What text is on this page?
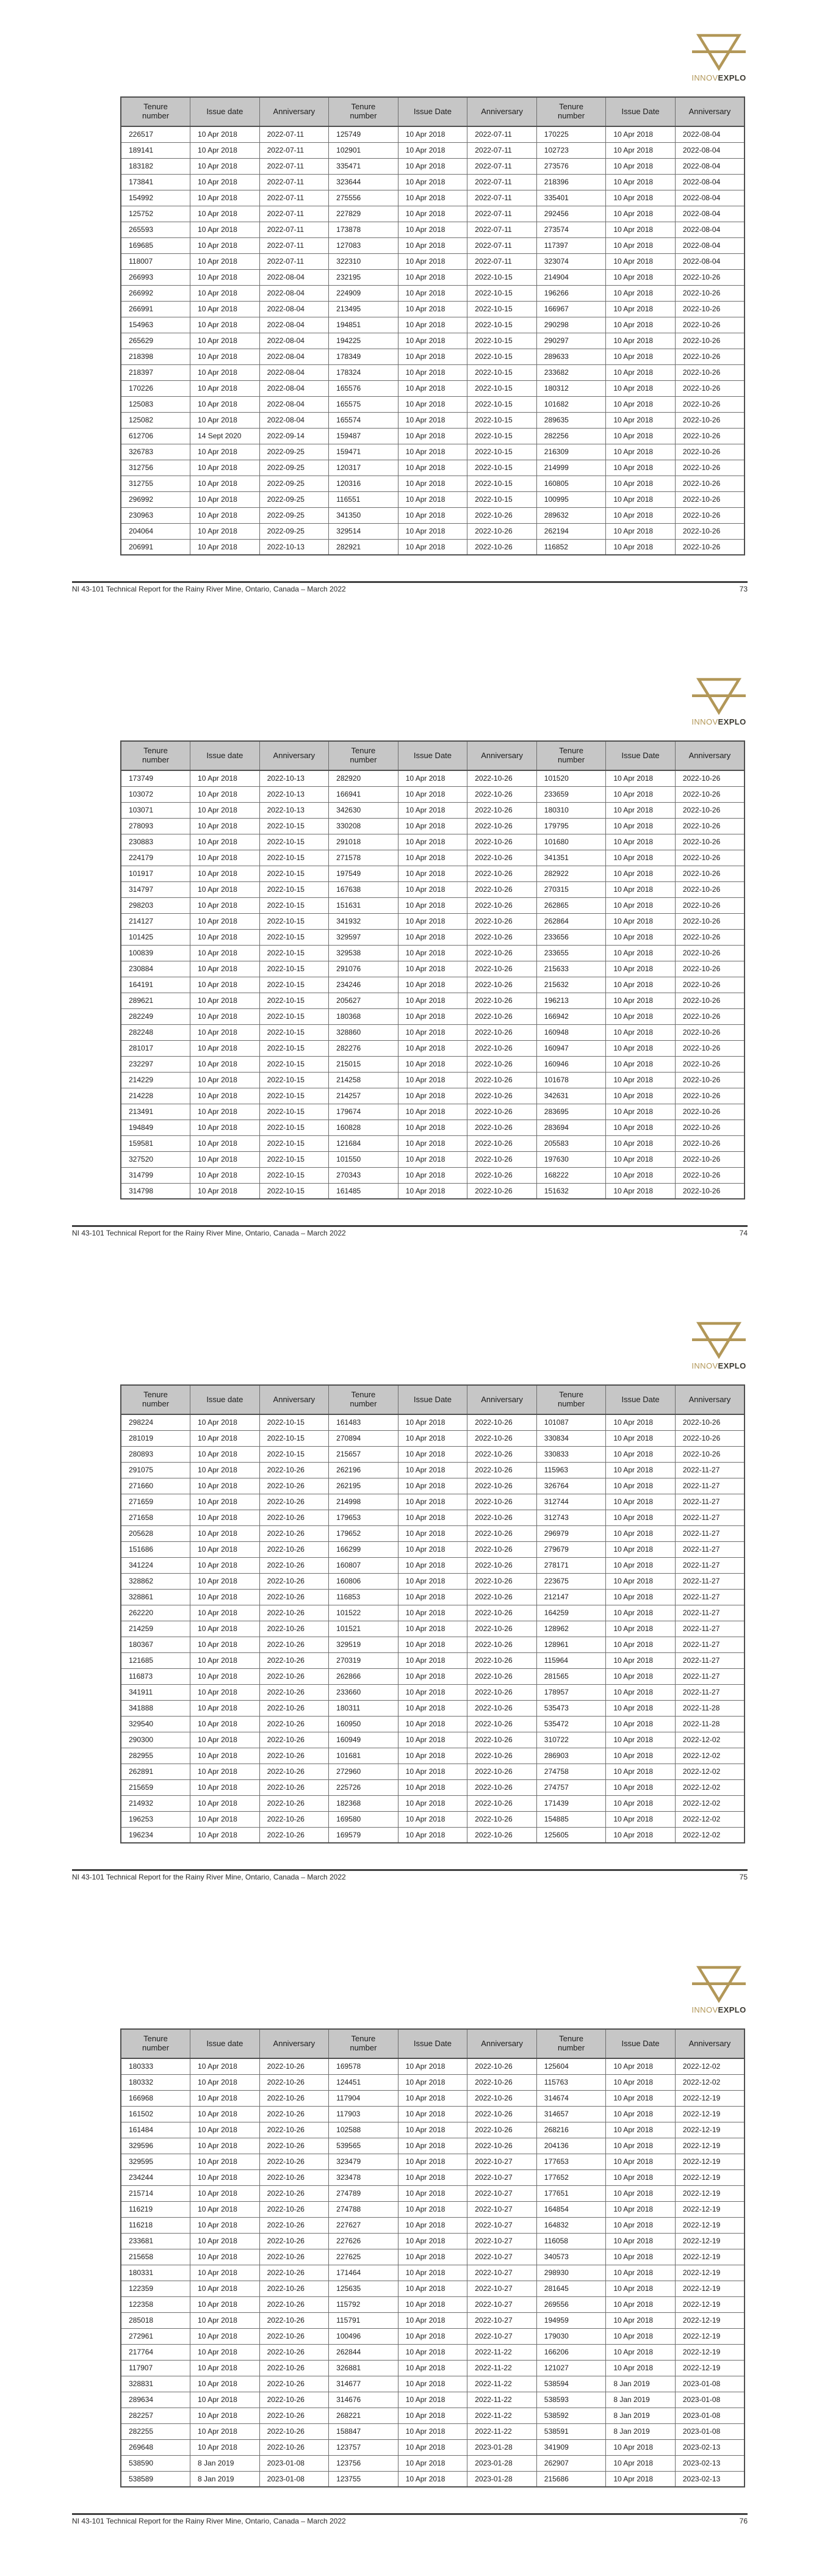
INNOVEXPLO
Tenure number	Issue date	Anniversary	Tenure number	Issue Date	Anniversary	Tenure number	Issue Date	Anniversary
226517	10 Apr 2018	2022-07-11	125749	10 Apr 2018	2022-07-11	170225	10 Apr 2018	2022-08-04
189141	10 Apr 2018	2022-07-11	102901	10 Apr 2018	2022-07-11	102723	10 Apr 2018	2022-08-04
183182	10 Apr 2018	2022-07-11	335471	10 Apr 2018	2022-07-11	273576	10 Apr 2018	2022-08-04
173841	10 Apr 2018	2022-07-11	323644	10 Apr 2018	2022-07-11	218396	10 Apr 2018	2022-08-04
154992	10 Apr 2018	2022-07-11	275556	10 Apr 2018	2022-07-11	335401	10 Apr 2018	2022-08-04
125752	10 Apr 2018	2022-07-11	227829	10 Apr 2018	2022-07-11	292456	10 Apr 2018	2022-08-04
265593	10 Apr 2018	2022-07-11	173878	10 Apr 2018	2022-07-11	273574	10 Apr 2018	2022-08-04
169685	10 Apr 2018	2022-07-11	127083	10 Apr 2018	2022-07-11	117397	10 Apr 2018	2022-08-04
118007	10 Apr 2018	2022-07-11	322310	10 Apr 2018	2022-07-11	323074	10 Apr 2018	2022-08-04
266993	10 Apr 2018	2022-08-04	232195	10 Apr 2018	2022-10-15	214904	10 Apr 2018	2022-10-26
266992	10 Apr 2018	2022-08-04	224909	10 Apr 2018	2022-10-15	196266	10 Apr 2018	2022-10-26
266991	10 Apr 2018	2022-08-04	213495	10 Apr 2018	2022-10-15	166967	10 Apr 2018	2022-10-26
154963	10 Apr 2018	2022-08-04	194851	10 Apr 2018	2022-10-15	290298	10 Apr 2018	2022-10-26
265629	10 Apr 2018	2022-08-04	194225	10 Apr 2018	2022-10-15	290297	10 Apr 2018	2022-10-26
218398	10 Apr 2018	2022-08-04	178349	10 Apr 2018	2022-10-15	289633	10 Apr 2018	2022-10-26
218397	10 Apr 2018	2022-08-04	178324	10 Apr 2018	2022-10-15	233682	10 Apr 2018	2022-10-26
170226	10 Apr 2018	2022-08-04	165576	10 Apr 2018	2022-10-15	180312	10 Apr 2018	2022-10-26
125083	10 Apr 2018	2022-08-04	165575	10 Apr 2018	2022-10-15	101682	10 Apr 2018	2022-10-26
125082	10 Apr 2018	2022-08-04	165574	10 Apr 2018	2022-10-15	289635	10 Apr 2018	2022-10-26
612706	14 Sept 2020	2022-09-14	159487	10 Apr 2018	2022-10-15	282256	10 Apr 2018	2022-10-26
326783	10 Apr 2018	2022-09-25	159471	10 Apr 2018	2022-10-15	216309	10 Apr 2018	2022-10-26
312756	10 Apr 2018	2022-09-25	120317	10 Apr 2018	2022-10-15	214999	10 Apr 2018	2022-10-26
312755	10 Apr 2018	2022-09-25	120316	10 Apr 2018	2022-10-15	160805	10 Apr 2018	2022-10-26
296992	10 Apr 2018	2022-09-25	116551	10 Apr 2018	2022-10-15	100995	10 Apr 2018	2022-10-26
230963	10 Apr 2018	2022-09-25	341350	10 Apr 2018	2022-10-26	289632	10 Apr 2018	2022-10-26
204064	10 Apr 2018	2022-09-25	329514	10 Apr 2018	2022-10-26	262194	10 Apr 2018	2022-10-26
206991	10 Apr 2018	2022-10-13	282921	10 Apr 2018	2022-10-26	116852	10 Apr 2018	2022-10-26
NI 43-101 Technical Report for the Rainy River Mine, Ontario, Canada – March 2022	73
INNOVEXPLO
Tenure number	Issue date	Anniversary	Tenure number	Issue Date	Anniversary	Tenure number	Issue Date	Anniversary
173749	10 Apr 2018	2022-10-13	282920	10 Apr 2018	2022-10-26	101520	10 Apr 2018	2022-10-26
103072	10 Apr 2018	2022-10-13	166941	10 Apr 2018	2022-10-26	233659	10 Apr 2018	2022-10-26
103071	10 Apr 2018	2022-10-13	342630	10 Apr 2018	2022-10-26	180310	10 Apr 2018	2022-10-26
278093	10 Apr 2018	2022-10-15	330208	10 Apr 2018	2022-10-26	179795	10 Apr 2018	2022-10-26
230883	10 Apr 2018	2022-10-15	291018	10 Apr 2018	2022-10-26	101680	10 Apr 2018	2022-10-26
224179	10 Apr 2018	2022-10-15	271578	10 Apr 2018	2022-10-26	341351	10 Apr 2018	2022-10-26
101917	10 Apr 2018	2022-10-15	197549	10 Apr 2018	2022-10-26	282922	10 Apr 2018	2022-10-26
314797	10 Apr 2018	2022-10-15	167638	10 Apr 2018	2022-10-26	270315	10 Apr 2018	2022-10-26
298203	10 Apr 2018	2022-10-15	151631	10 Apr 2018	2022-10-26	262865	10 Apr 2018	2022-10-26
214127	10 Apr 2018	2022-10-15	341932	10 Apr 2018	2022-10-26	262864	10 Apr 2018	2022-10-26
101425	10 Apr 2018	2022-10-15	329597	10 Apr 2018	2022-10-26	233656	10 Apr 2018	2022-10-26
100839	10 Apr 2018	2022-10-15	329538	10 Apr 2018	2022-10-26	233655	10 Apr 2018	2022-10-26
230884	10 Apr 2018	2022-10-15	291076	10 Apr 2018	2022-10-26	215633	10 Apr 2018	2022-10-26
164191	10 Apr 2018	2022-10-15	234246	10 Apr 2018	2022-10-26	215632	10 Apr 2018	2022-10-26
289621	10 Apr 2018	2022-10-15	205627	10 Apr 2018	2022-10-26	196213	10 Apr 2018	2022-10-26
282249	10 Apr 2018	2022-10-15	180368	10 Apr 2018	2022-10-26	166942	10 Apr 2018	2022-10-26
282248	10 Apr 2018	2022-10-15	328860	10 Apr 2018	2022-10-26	160948	10 Apr 2018	2022-10-26
281017	10 Apr 2018	2022-10-15	282276	10 Apr 2018	2022-10-26	160947	10 Apr 2018	2022-10-26
232297	10 Apr 2018	2022-10-15	215015	10 Apr 2018	2022-10-26	160946	10 Apr 2018	2022-10-26
214229	10 Apr 2018	2022-10-15	214258	10 Apr 2018	2022-10-26	101678	10 Apr 2018	2022-10-26
214228	10 Apr 2018	2022-10-15	214257	10 Apr 2018	2022-10-26	342631	10 Apr 2018	2022-10-26
213491	10 Apr 2018	2022-10-15	179674	10 Apr 2018	2022-10-26	283695	10 Apr 2018	2022-10-26
194849	10 Apr 2018	2022-10-15	160828	10 Apr 2018	2022-10-26	283694	10 Apr 2018	2022-10-26
159581	10 Apr 2018	2022-10-15	121684	10 Apr 2018	2022-10-26	205583	10 Apr 2018	2022-10-26
327520	10 Apr 2018	2022-10-15	101550	10 Apr 2018	2022-10-26	197630	10 Apr 2018	2022-10-26
314799	10 Apr 2018	2022-10-15	270343	10 Apr 2018	2022-10-26	168222	10 Apr 2018	2022-10-26
314798	10 Apr 2018	2022-10-15	161485	10 Apr 2018	2022-10-26	151632	10 Apr 2018	2022-10-26
NI 43-101 Technical Report for the Rainy River Mine, Ontario, Canada – March 2022	74
INNOVEXPLO
Tenure number	Issue date	Anniversary	Tenure number	Issue Date	Anniversary	Tenure number	Issue Date	Anniversary
298224	10 Apr 2018	2022-10-15	161483	10 Apr 2018	2022-10-26	101087	10 Apr 2018	2022-10-26
281019	10 Apr 2018	2022-10-15	270894	10 Apr 2018	2022-10-26	330834	10 Apr 2018	2022-10-26
280893	10 Apr 2018	2022-10-15	215657	10 Apr 2018	2022-10-26	330833	10 Apr 2018	2022-10-26
291075	10 Apr 2018	2022-10-26	262196	10 Apr 2018	2022-10-26	115963	10 Apr 2018	2022-11-27
271660	10 Apr 2018	2022-10-26	262195	10 Apr 2018	2022-10-26	326764	10 Apr 2018	2022-11-27
271659	10 Apr 2018	2022-10-26	214998	10 Apr 2018	2022-10-26	312744	10 Apr 2018	2022-11-27
271658	10 Apr 2018	2022-10-26	179653	10 Apr 2018	2022-10-26	312743	10 Apr 2018	2022-11-27
205628	10 Apr 2018	2022-10-26	179652	10 Apr 2018	2022-10-26	296979	10 Apr 2018	2022-11-27
151686	10 Apr 2018	2022-10-26	166299	10 Apr 2018	2022-10-26	279679	10 Apr 2018	2022-11-27
341224	10 Apr 2018	2022-10-26	160807	10 Apr 2018	2022-10-26	278171	10 Apr 2018	2022-11-27
328862	10 Apr 2018	2022-10-26	160806	10 Apr 2018	2022-10-26	223675	10 Apr 2018	2022-11-27
328861	10 Apr 2018	2022-10-26	116853	10 Apr 2018	2022-10-26	212147	10 Apr 2018	2022-11-27
262220	10 Apr 2018	2022-10-26	101522	10 Apr 2018	2022-10-26	164259	10 Apr 2018	2022-11-27
214259	10 Apr 2018	2022-10-26	101521	10 Apr 2018	2022-10-26	128962	10 Apr 2018	2022-11-27
180367	10 Apr 2018	2022-10-26	329519	10 Apr 2018	2022-10-26	128961	10 Apr 2018	2022-11-27
121685	10 Apr 2018	2022-10-26	270319	10 Apr 2018	2022-10-26	115964	10 Apr 2018	2022-11-27
116873	10 Apr 2018	2022-10-26	262866	10 Apr 2018	2022-10-26	281565	10 Apr 2018	2022-11-27
341911	10 Apr 2018	2022-10-26	233660	10 Apr 2018	2022-10-26	178957	10 Apr 2018	2022-11-27
341888	10 Apr 2018	2022-10-26	180311	10 Apr 2018	2022-10-26	535473	10 Apr 2018	2022-11-28
329540	10 Apr 2018	2022-10-26	160950	10 Apr 2018	2022-10-26	535472	10 Apr 2018	2022-11-28
290300	10 Apr 2018	2022-10-26	160949	10 Apr 2018	2022-10-26	310722	10 Apr 2018	2022-12-02
282955	10 Apr 2018	2022-10-26	101681	10 Apr 2018	2022-10-26	286903	10 Apr 2018	2022-12-02
262891	10 Apr 2018	2022-10-26	272960	10 Apr 2018	2022-10-26	274758	10 Apr 2018	2022-12-02
215659	10 Apr 2018	2022-10-26	225726	10 Apr 2018	2022-10-26	274757	10 Apr 2018	2022-12-02
214932	10 Apr 2018	2022-10-26	182368	10 Apr 2018	2022-10-26	171439	10 Apr 2018	2022-12-02
196253	10 Apr 2018	2022-10-26	169580	10 Apr 2018	2022-10-26	154885	10 Apr 2018	2022-12-02
196234	10 Apr 2018	2022-10-26	169579	10 Apr 2018	2022-10-26	125605	10 Apr 2018	2022-12-02
NI 43-101 Technical Report for the Rainy River Mine, Ontario, Canada – March 2022	75
INNOVEXPLO
Tenure number	Issue date	Anniversary	Tenure number	Issue Date	Anniversary	Tenure number	Issue Date	Anniversary
180333	10 Apr 2018	2022-10-26	169578	10 Apr 2018	2022-10-26	125604	10 Apr 2018	2022-12-02
180332	10 Apr 2018	2022-10-26	124451	10 Apr 2018	2022-10-26	115763	10 Apr 2018	2022-12-02
166968	10 Apr 2018	2022-10-26	117904	10 Apr 2018	2022-10-26	314674	10 Apr 2018	2022-12-19
161502	10 Apr 2018	2022-10-26	117903	10 Apr 2018	2022-10-26	314657	10 Apr 2018	2022-12-19
161484	10 Apr 2018	2022-10-26	102588	10 Apr 2018	2022-10-26	268216	10 Apr 2018	2022-12-19
329596	10 Apr 2018	2022-10-26	539565	10 Apr 2018	2022-10-26	204136	10 Apr 2018	2022-12-19
329595	10 Apr 2018	2022-10-26	323479	10 Apr 2018	2022-10-27	177653	10 Apr 2018	2022-12-19
234244	10 Apr 2018	2022-10-26	323478	10 Apr 2018	2022-10-27	177652	10 Apr 2018	2022-12-19
215714	10 Apr 2018	2022-10-26	274789	10 Apr 2018	2022-10-27	177651	10 Apr 2018	2022-12-19
116219	10 Apr 2018	2022-10-26	274788	10 Apr 2018	2022-10-27	164854	10 Apr 2018	2022-12-19
116218	10 Apr 2018	2022-10-26	227627	10 Apr 2018	2022-10-27	164832	10 Apr 2018	2022-12-19
233681	10 Apr 2018	2022-10-26	227626	10 Apr 2018	2022-10-27	116058	10 Apr 2018	2022-12-19
215658	10 Apr 2018	2022-10-26	227625	10 Apr 2018	2022-10-27	340573	10 Apr 2018	2022-12-19
180331	10 Apr 2018	2022-10-26	171464	10 Apr 2018	2022-10-27	298930	10 Apr 2018	2022-12-19
122359	10 Apr 2018	2022-10-26	125635	10 Apr 2018	2022-10-27	281645	10 Apr 2018	2022-12-19
122358	10 Apr 2018	2022-10-26	115792	10 Apr 2018	2022-10-27	269556	10 Apr 2018	2022-12-19
285018	10 Apr 2018	2022-10-26	115791	10 Apr 2018	2022-10-27	194959	10 Apr 2018	2022-12-19
272961	10 Apr 2018	2022-10-26	100496	10 Apr 2018	2022-10-27	179030	10 Apr 2018	2022-12-19
217764	10 Apr 2018	2022-10-26	262844	10 Apr 2018	2022-11-22	166206	10 Apr 2018	2022-12-19
117907	10 Apr 2018	2022-10-26	326881	10 Apr 2018	2022-11-22	121027	10 Apr 2018	2022-12-19
328831	10 Apr 2018	2022-10-26	314677	10 Apr 2018	2022-11-22	538594	8 Jan 2019	2023-01-08
289634	10 Apr 2018	2022-10-26	314676	10 Apr 2018	2022-11-22	538593	8 Jan 2019	2023-01-08
282257	10 Apr 2018	2022-10-26	268221	10 Apr 2018	2022-11-22	538592	8 Jan 2019	2023-01-08
282255	10 Apr 2018	2022-10-26	158847	10 Apr 2018	2022-11-22	538591	8 Jan 2019	2023-01-08
269648	10 Apr 2018	2022-10-26	123757	10 Apr 2018	2023-01-28	341909	10 Apr 2018	2023-02-13
538590	8 Jan 2019	2023-01-08	123756	10 Apr 2018	2023-01-28	262907	10 Apr 2018	2023-02-13
538589	8 Jan 2019	2023-01-08	123755	10 Apr 2018	2023-01-28	215686	10 Apr 2018	2023-02-13
NI 43-101 Technical Report for the Rainy River Mine, Ontario, Canada – March 2022	76
